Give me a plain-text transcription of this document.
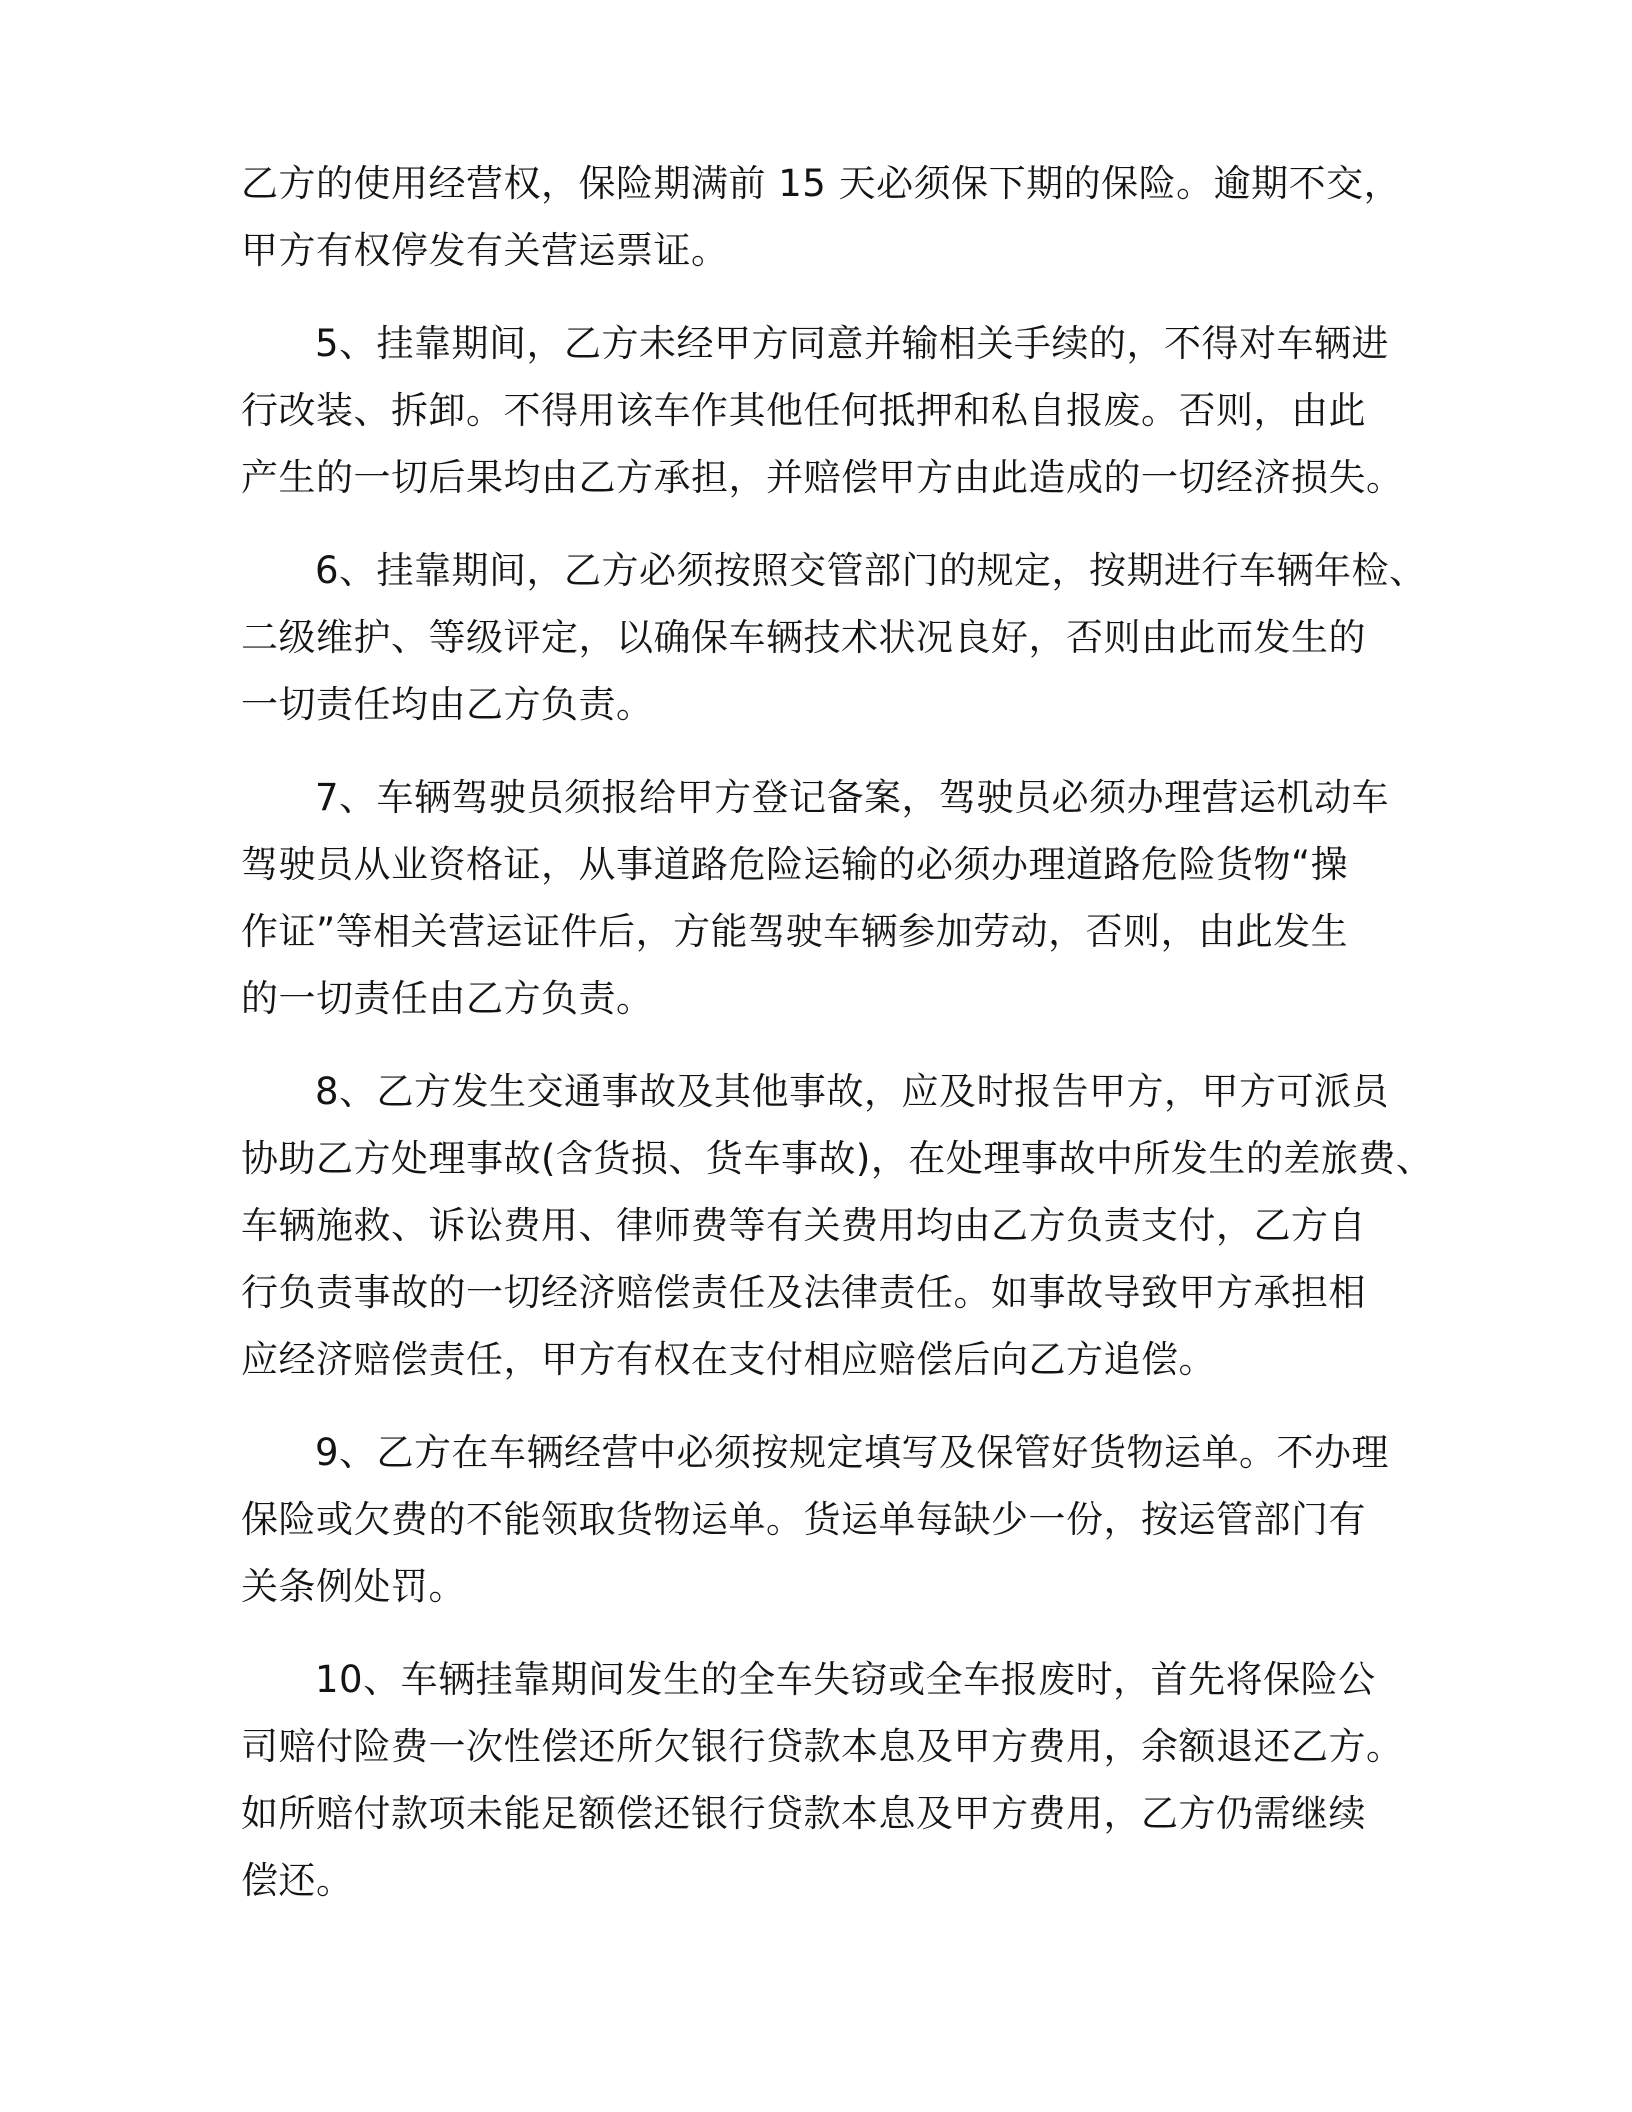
乙方的使用经营权，保险期满前 15 天必须保下期的保险。逾期不交，
甲方有权停发有关营运票证。
5、挂靠期间，乙方未经甲方同意并输相关手续的，不得对车辆进
行改装、拆卸。不得用该车作其他任何抵押和私自报废。否则，由此
产生的一切后果均由乙方承担，并赔偿甲方由此造成的一切经济损失。
6、挂靠期间，乙方必须按照交管部门的规定，按期进行车辆年检、
二级维护、等级评定，以确保车辆技术状况良好，否则由此而发生的
一切责任均由乙方负责。
7、车辆驾驶员须报给甲方登记备案，驾驶员必须办理营运机动车
驾驶员从业资格证，从事道路危险运输的必须办理道路危险货物“操
作证”等相关营运证件后，方能驾驶车辆参加劳动，否则，由此发生
的一切责任由乙方负责。
8、乙方发生交通事故及其他事故，应及时报告甲方，甲方可派员
协助乙方处理事故(含货损、货车事故)，在处理事故中所发生的差旅费、
车辆施救、诉讼费用、律师费等有关费用均由乙方负责支付，乙方自
行负责事故的一切经济赔偿责任及法律责任。如事故导致甲方承担相
应经济赔偿责任，甲方有权在支付相应赔偿后向乙方追偿。
9、乙方在车辆经营中必须按规定填写及保管好货物运单。不办理
保险或欠费的不能领取货物运单。货运单每缺少一份，按运管部门有
关条例处罚。
10、车辆挂靠期间发生的全车失窃或全车报废时，首先将保险公
司赔付险费一次性偿还所欠银行贷款本息及甲方费用，余额退还乙方。
如所赔付款项未能足额偿还银行贷款本息及甲方费用，乙方仍需继续
偿还。
